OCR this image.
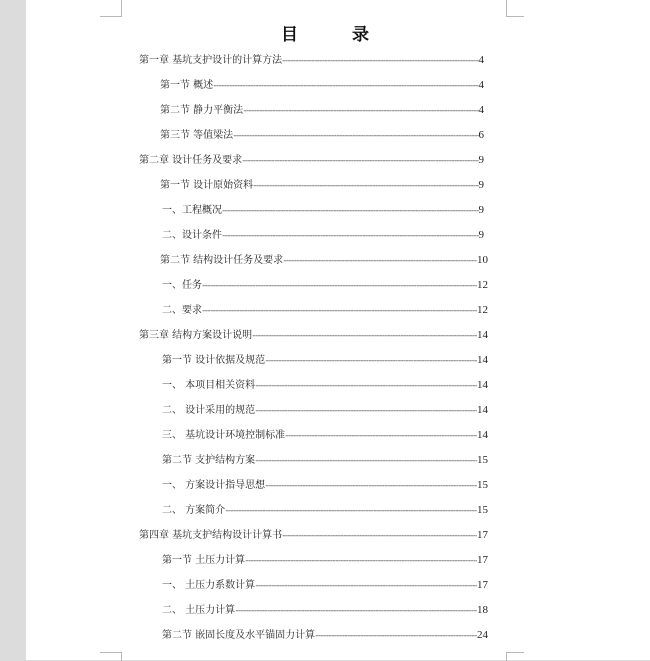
目 录
第一章 基坑支护设计的计算方法 -----	4
第一节 概述 -----	4
第二节 静力平衡法 -----	4
第三节 等值梁法 -----	6
第二章 设计任务及要求 -----	9
第一节 设计原始资料 -----	9
一、工程概况 -----	9
二、设计条件 -----	9
第二节 结构设计任务及要求 -----	10
一、任务 -----	12
二、要求 -----	12
第三章 结构方案设计说明 -----	14
第一节 设计依据及规范 -----	14
一、 本项目相关资料 -----	14
二、 设计采用的规范 -----	14
三、 基坑设计环境控制标准 -----	14
第二节 支护结构方案 -----	15
一、 方案设计指导思想 -----	15
二、 方案简介 -----	15
第四章 基坑支护结构设计计算书 -----	17
第一节 土压力计算 -----	17
一、 土压力系数计算 -----	17
二、 土压力计算 -----	18
第二节 嵌固长度及水平锚固力计算 -----	24
